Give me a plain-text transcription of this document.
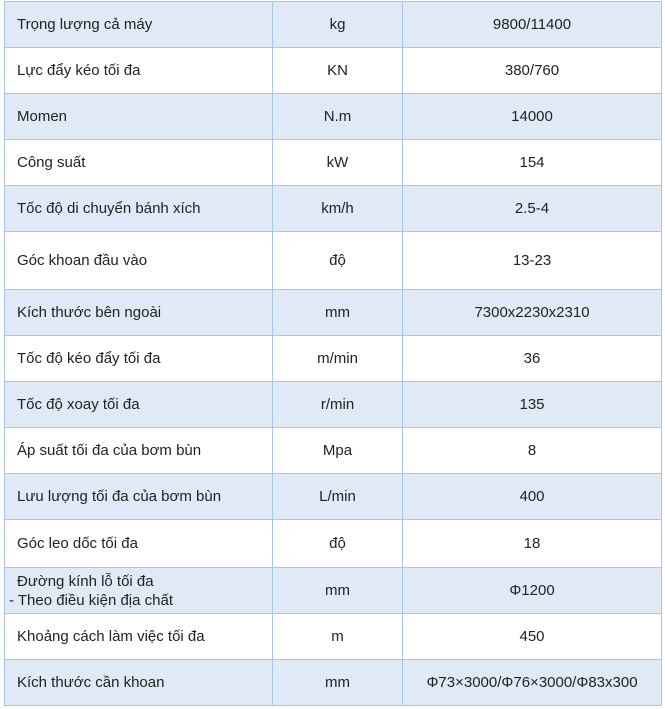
Trọng lượng cả máy	kg	9800/11400
Lực đẩy kéo tối đa	KN	380/760
Momen	N.m	14000
Công suất	kW	154
Tốc độ di chuyển bánh xích	km/h	2.5-4
Góc khoan đầu vào	độ	13-23
Kích thước bên ngoài	mm	7300x2230x2310
Tốc độ kéo đẩy tối đa	m/min	36
Tốc độ xoay tối đa	r/min	135
Áp suất tối đa của bơm bùn	Mpa	8
Lưu lượng tối đa của bơm bùn	L/min	400
Góc leo dốc tối đa	độ	18

Đường kính lỗ tối đa
- Theo điều kiện địa chất	mm	Φ1200
Khoảng cách làm việc tối đa	m	450
Kích thước cần khoan	mm	Φ73×3000/Φ76×3000/Φ83x300
